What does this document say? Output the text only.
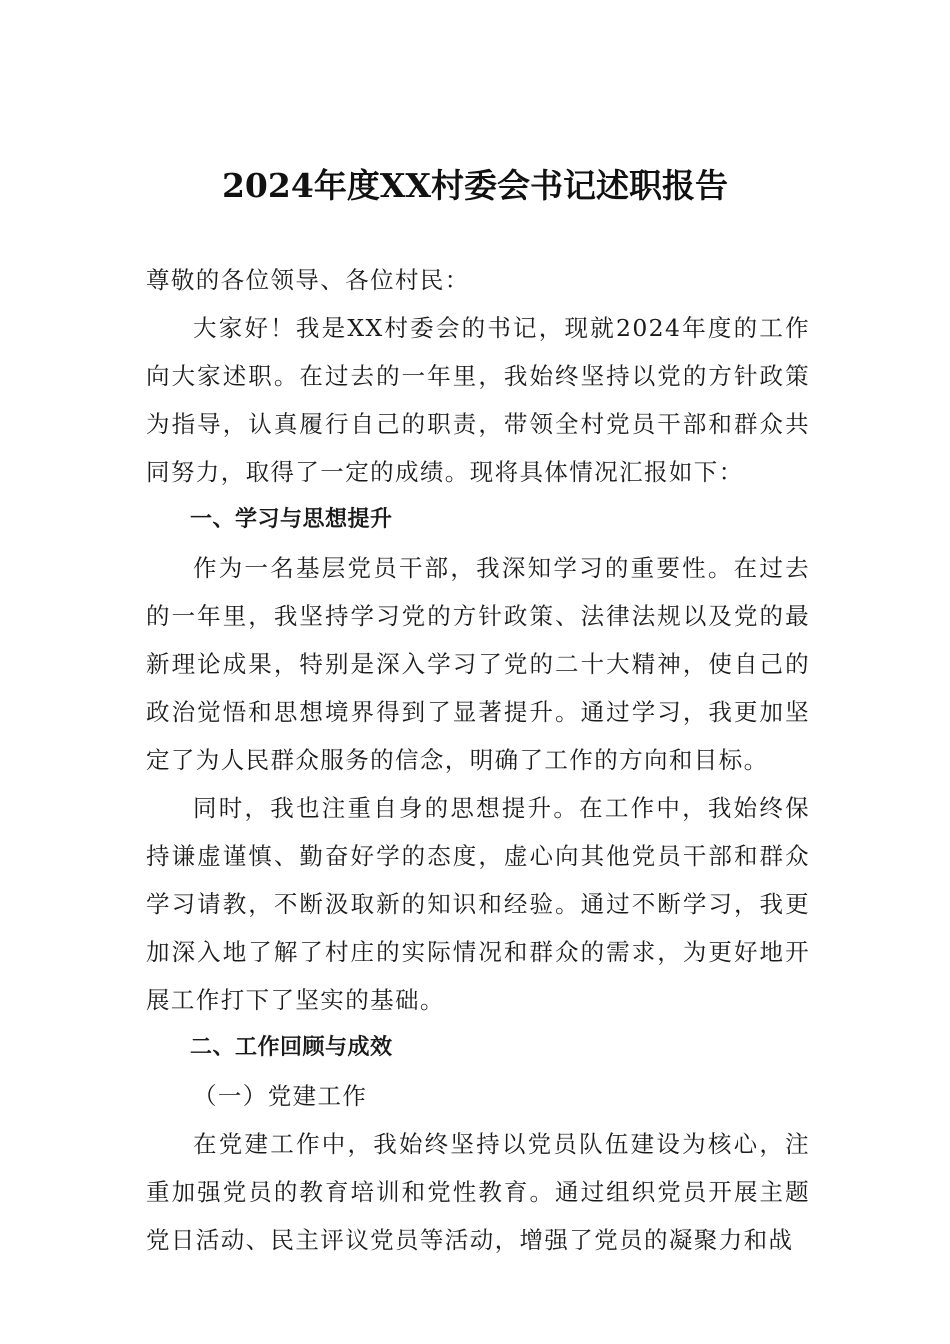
2024年度XX村委会书记述职报告

尊敬的各位领导、各位村民：

大家好！我是XX村委会的书记，现就2024年度的工作向大家述职。在过去的一年里，我始终坚持以党的方针政策为指导，认真履行自己的职责，带领全村党员干部和群众共同努力，取得了一定的成绩。现将具体情况汇报如下：

一、学习与思想提升

作为一名基层党员干部，我深知学习的重要性。在过去的一年里，我坚持学习党的方针政策、法律法规以及党的最新理论成果，特别是深入学习了党的二十大精神，使自己的政治觉悟和思想境界得到了显著提升。通过学习，我更加坚定了为人民群众服务的信念，明确了工作的方向和目标。

同时，我也注重自身的思想提升。在工作中，我始终保持谦虚谨慎、勤奋好学的态度，虚心向其他党员干部和群众学习请教，不断汲取新的知识和经验。通过不断学习，我更加深入地了解了村庄的实际情况和群众的需求，为更好地开展工作打下了坚实的基础。

二、工作回顾与成效

（一）党建工作

在党建工作中，我始终坚持以党员队伍建设为核心，注重加强党员的教育培训和党性教育。通过组织党员开展主题党日活动、民主评议党员等活动，增强了党员的凝聚力和战
